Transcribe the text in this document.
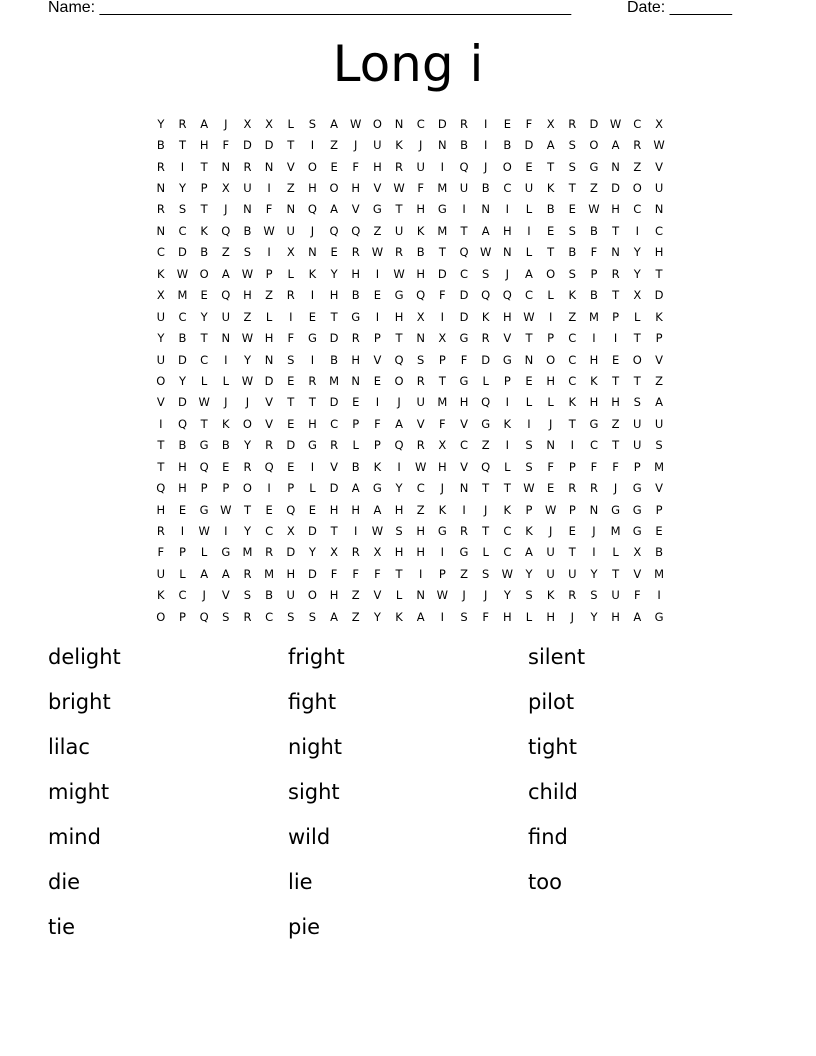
Name: _____________________________________________________	Date: _______
Long i
Y	R	A	J	X	X	L	S	A	W	O	N	C	D	R	I	E	F	X	R	D	W	C	X
B	T	H	F	D	D	T	I	Z	J	U	K	J	N	B	I	B	D	A	S	O	A	R	W
R	I	T	N	R	N	V	O	E	F	H	R	U	I	Q	J	O	E	T	S	G	N	Z	V
N	Y	P	X	U	I	Z	H	O	H	V	W	F	M	U	B	C	U	K	T	Z	D	O	U
R	S	T	J	N	F	N	Q	A	V	G	T	H	G	I	N	I	L	B	E	W	H	C	N
N	C	K	Q	B	W	U	J	Q	Q	Z	U	K	M	T	A	H	I	E	S	B	T	I	C
C	D	B	Z	S	I	X	N	E	R	W	R	B	T	Q	W	N	L	T	B	F	N	Y	H
K	W	O	A	W	P	L	K	Y	H	I	W	H	D	C	S	J	A	O	S	P	R	Y	T
X	M	E	Q	H	Z	R	I	H	B	E	G	Q	F	D	Q	Q	C	L	K	B	T	X	D
U	C	Y	U	Z	L	I	E	T	G	I	H	X	I	D	K	H	W	I	Z	M	P	L	K
Y	B	T	N	W	H	F	G	D	R	P	T	N	X	G	R	V	T	P	C	I	I	T	P
U	D	C	I	Y	N	S	I	B	H	V	Q	S	P	F	D	G	N	O	C	H	E	O	V
O	Y	L	L	W	D	E	R	M	N	E	O	R	T	G	L	P	E	H	C	K	T	T	Z
V	D	W	J	J	V	T	T	D	E	I	J	U	M	H	Q	I	L	L	K	H	H	S	A
I	Q	T	K	O	V	E	H	C	P	F	A	V	F	V	G	K	I	J	T	G	Z	U	U
T	B	G	B	Y	R	D	G	R	L	P	Q	R	X	C	Z	I	S	N	I	C	T	U	S
T	H	Q	E	R	Q	E	I	V	B	K	I	W	H	V	Q	L	S	F	P	F	F	P	M
Q	H	P	P	O	I	P	L	D	A	G	Y	C	J	N	T	T	W	E	R	R	J	G	V
H	E	G	W	T	E	Q	E	H	H	A	H	Z	K	I	J	K	P	W	P	N	G	G	P
R	I	W	I	Y	C	X	D	T	I	W	S	H	G	R	T	C	K	J	E	J	M	G	E
F	P	L	G	M	R	D	Y	X	R	X	H	H	I	G	L	C	A	U	T	I	L	X	B
U	L	A	A	R	M	H	D	F	F	F	T	I	P	Z	S	W	Y	U	U	Y	T	V	M
K	C	J	V	S	B	U	O	H	Z	V	L	N	W	J	J	Y	S	K	R	S	U	F	I
O	P	Q	S	R	C	S	S	A	Z	Y	K	A	I	S	F	H	L	H	J	Y	H	A	G
delight	fright	silent
bright	fight	pilot
lilac	night	tight
might	sight	child
mind	wild	find
die	lie	too
tie	pie
